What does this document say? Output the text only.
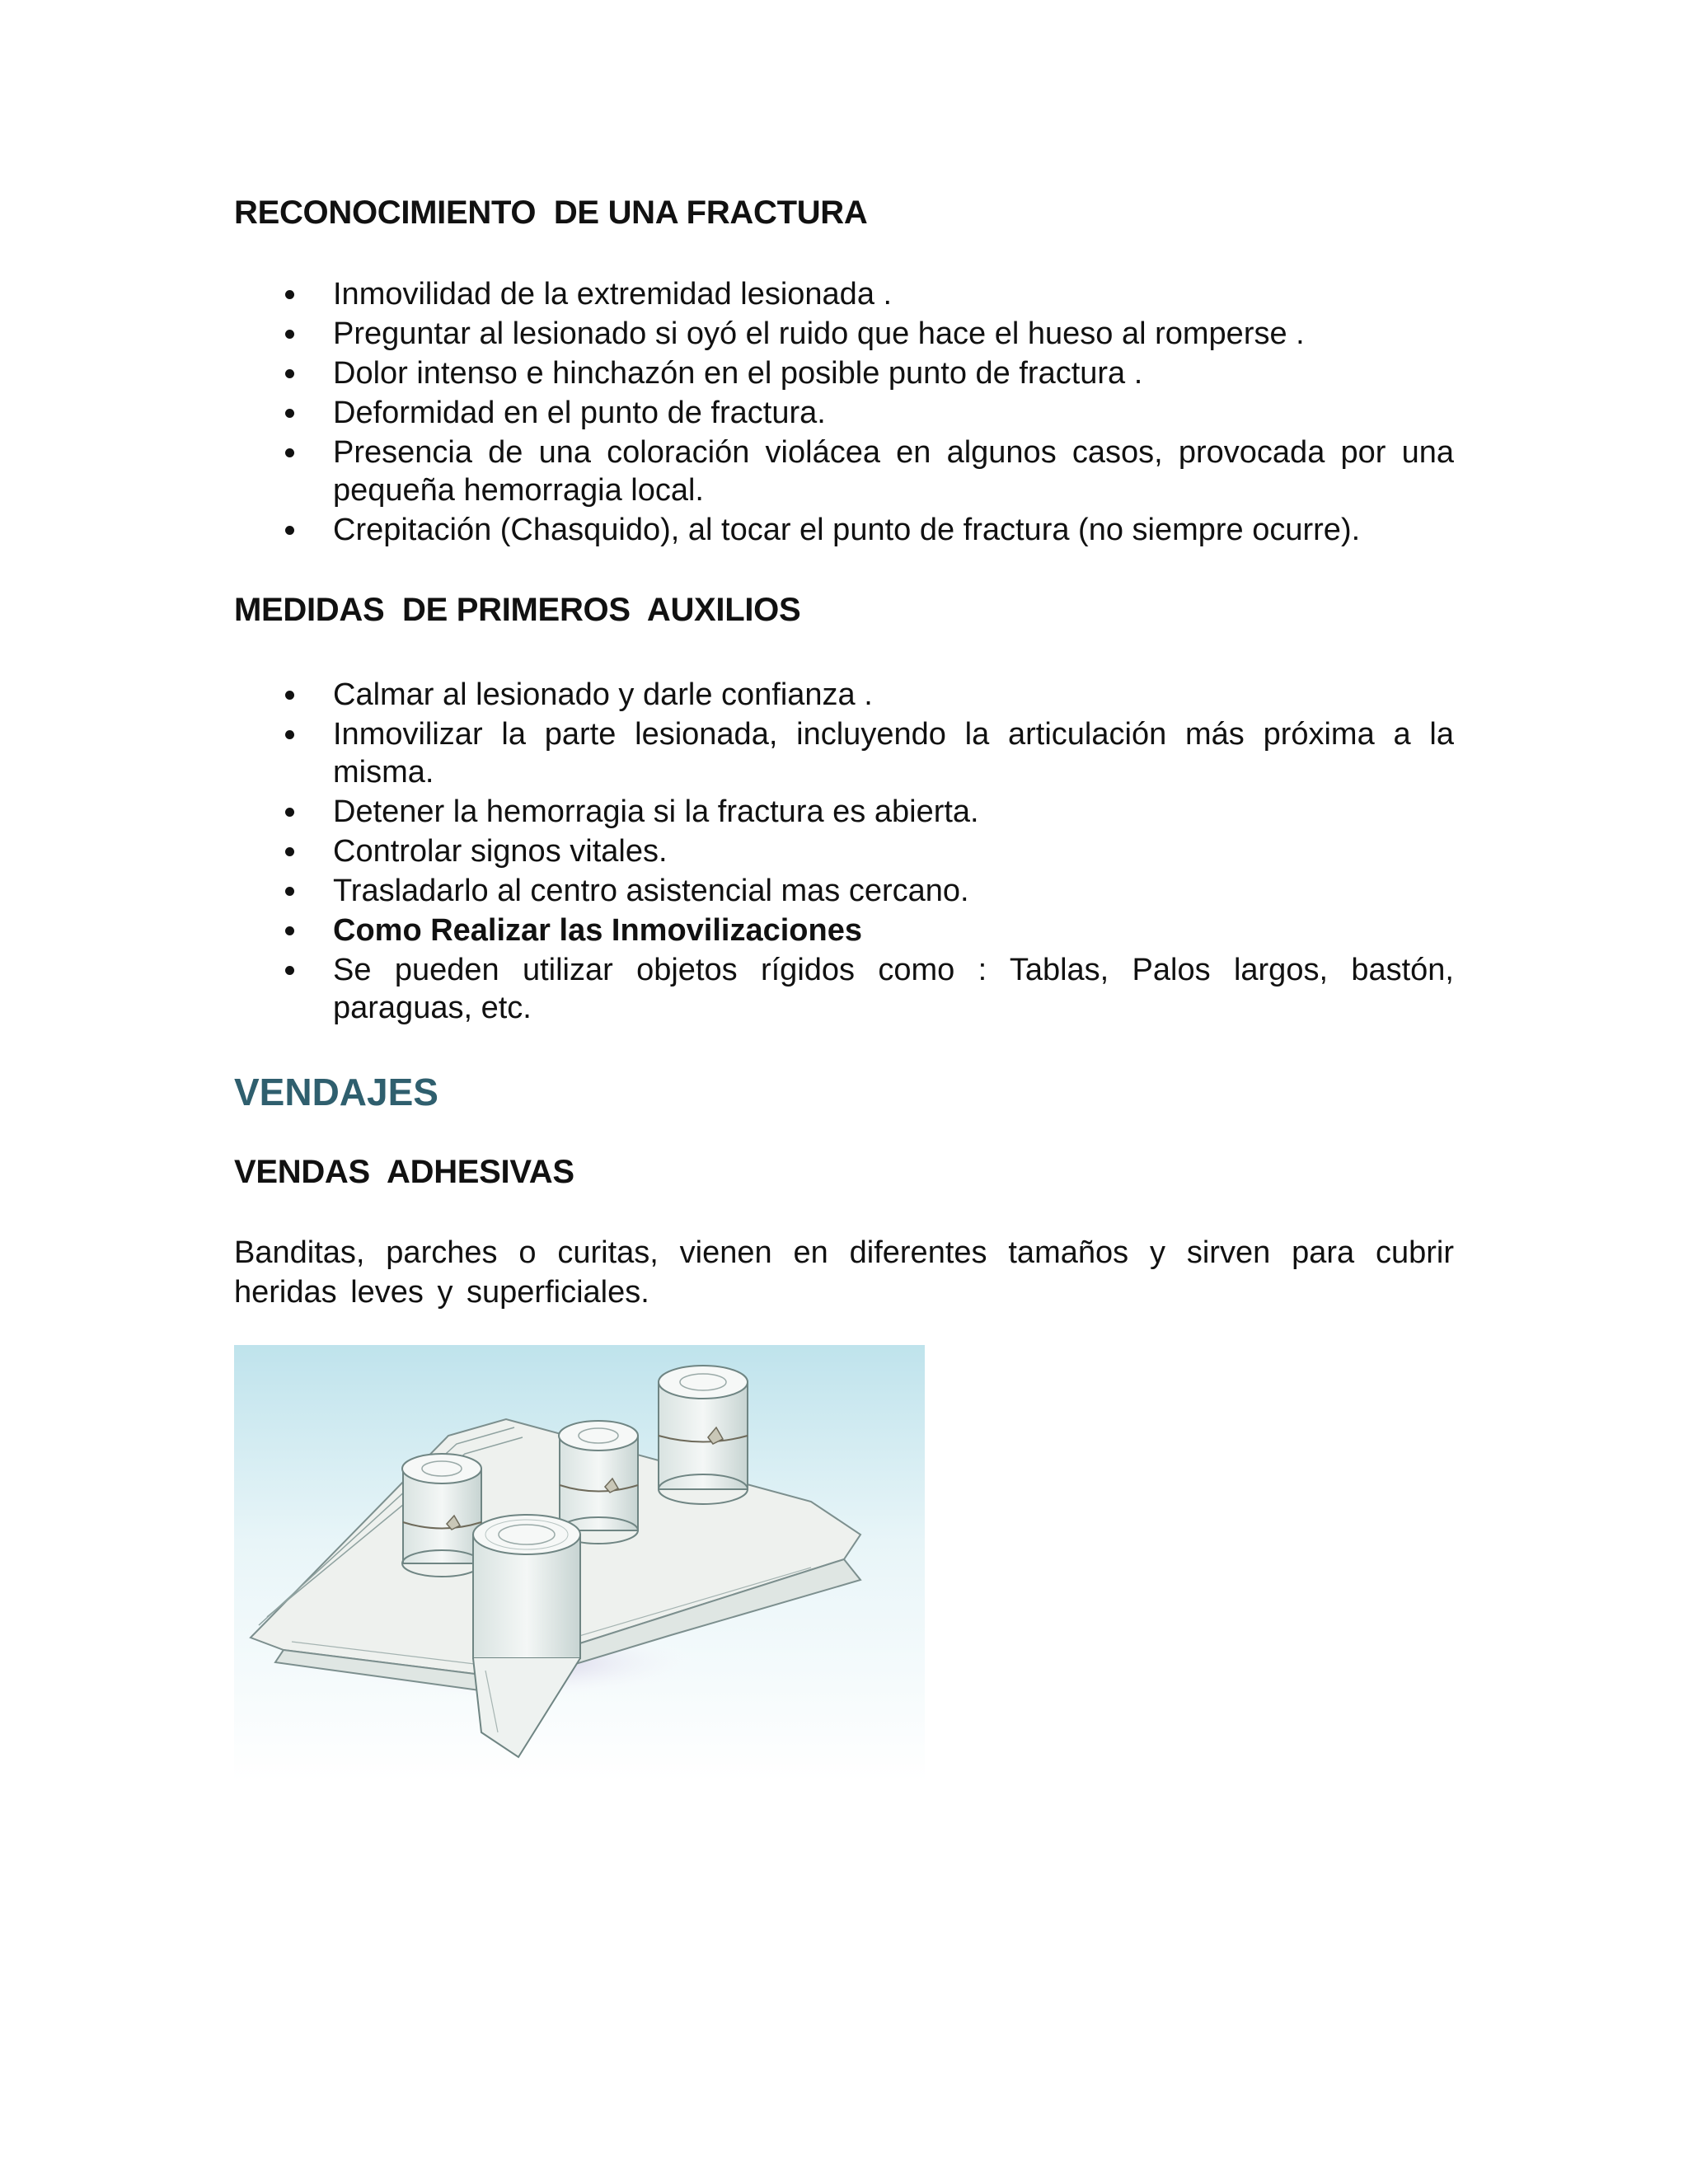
RECONOCIMIENTO  DE UNA FRACTURA
Inmovilidad de la extremidad lesionada .
Preguntar al lesionado si oyó el ruido que hace el hueso al romperse .
Dolor intenso e hinchazón en el posible punto de fractura .
Deformidad en el punto de fractura.
Presencia de una coloración violácea en algunos casos, provocada por una pequeña hemorragia local.
Crepitación (Chasquido), al tocar el punto de fractura (no siempre ocurre).
MEDIDAS  DE PRIMEROS  AUXILIOS
Calmar al lesionado y darle confianza .
Inmovilizar la parte lesionada, incluyendo la articulación más próxima a la misma.
Detener la hemorragia si la fractura es abierta.
Controlar signos vitales.
Trasladarlo al centro asistencial mas cercano.
Como Realizar las Inmovilizaciones
Se pueden utilizar objetos rígidos como : Tablas, Palos largos, bastón, paraguas, etc.
VENDAJES
VENDAS  ADHESIVAS
Banditas, parches o curitas, vienen en diferentes tamaños y sirven para cubrir heridas leves y superficiales.
